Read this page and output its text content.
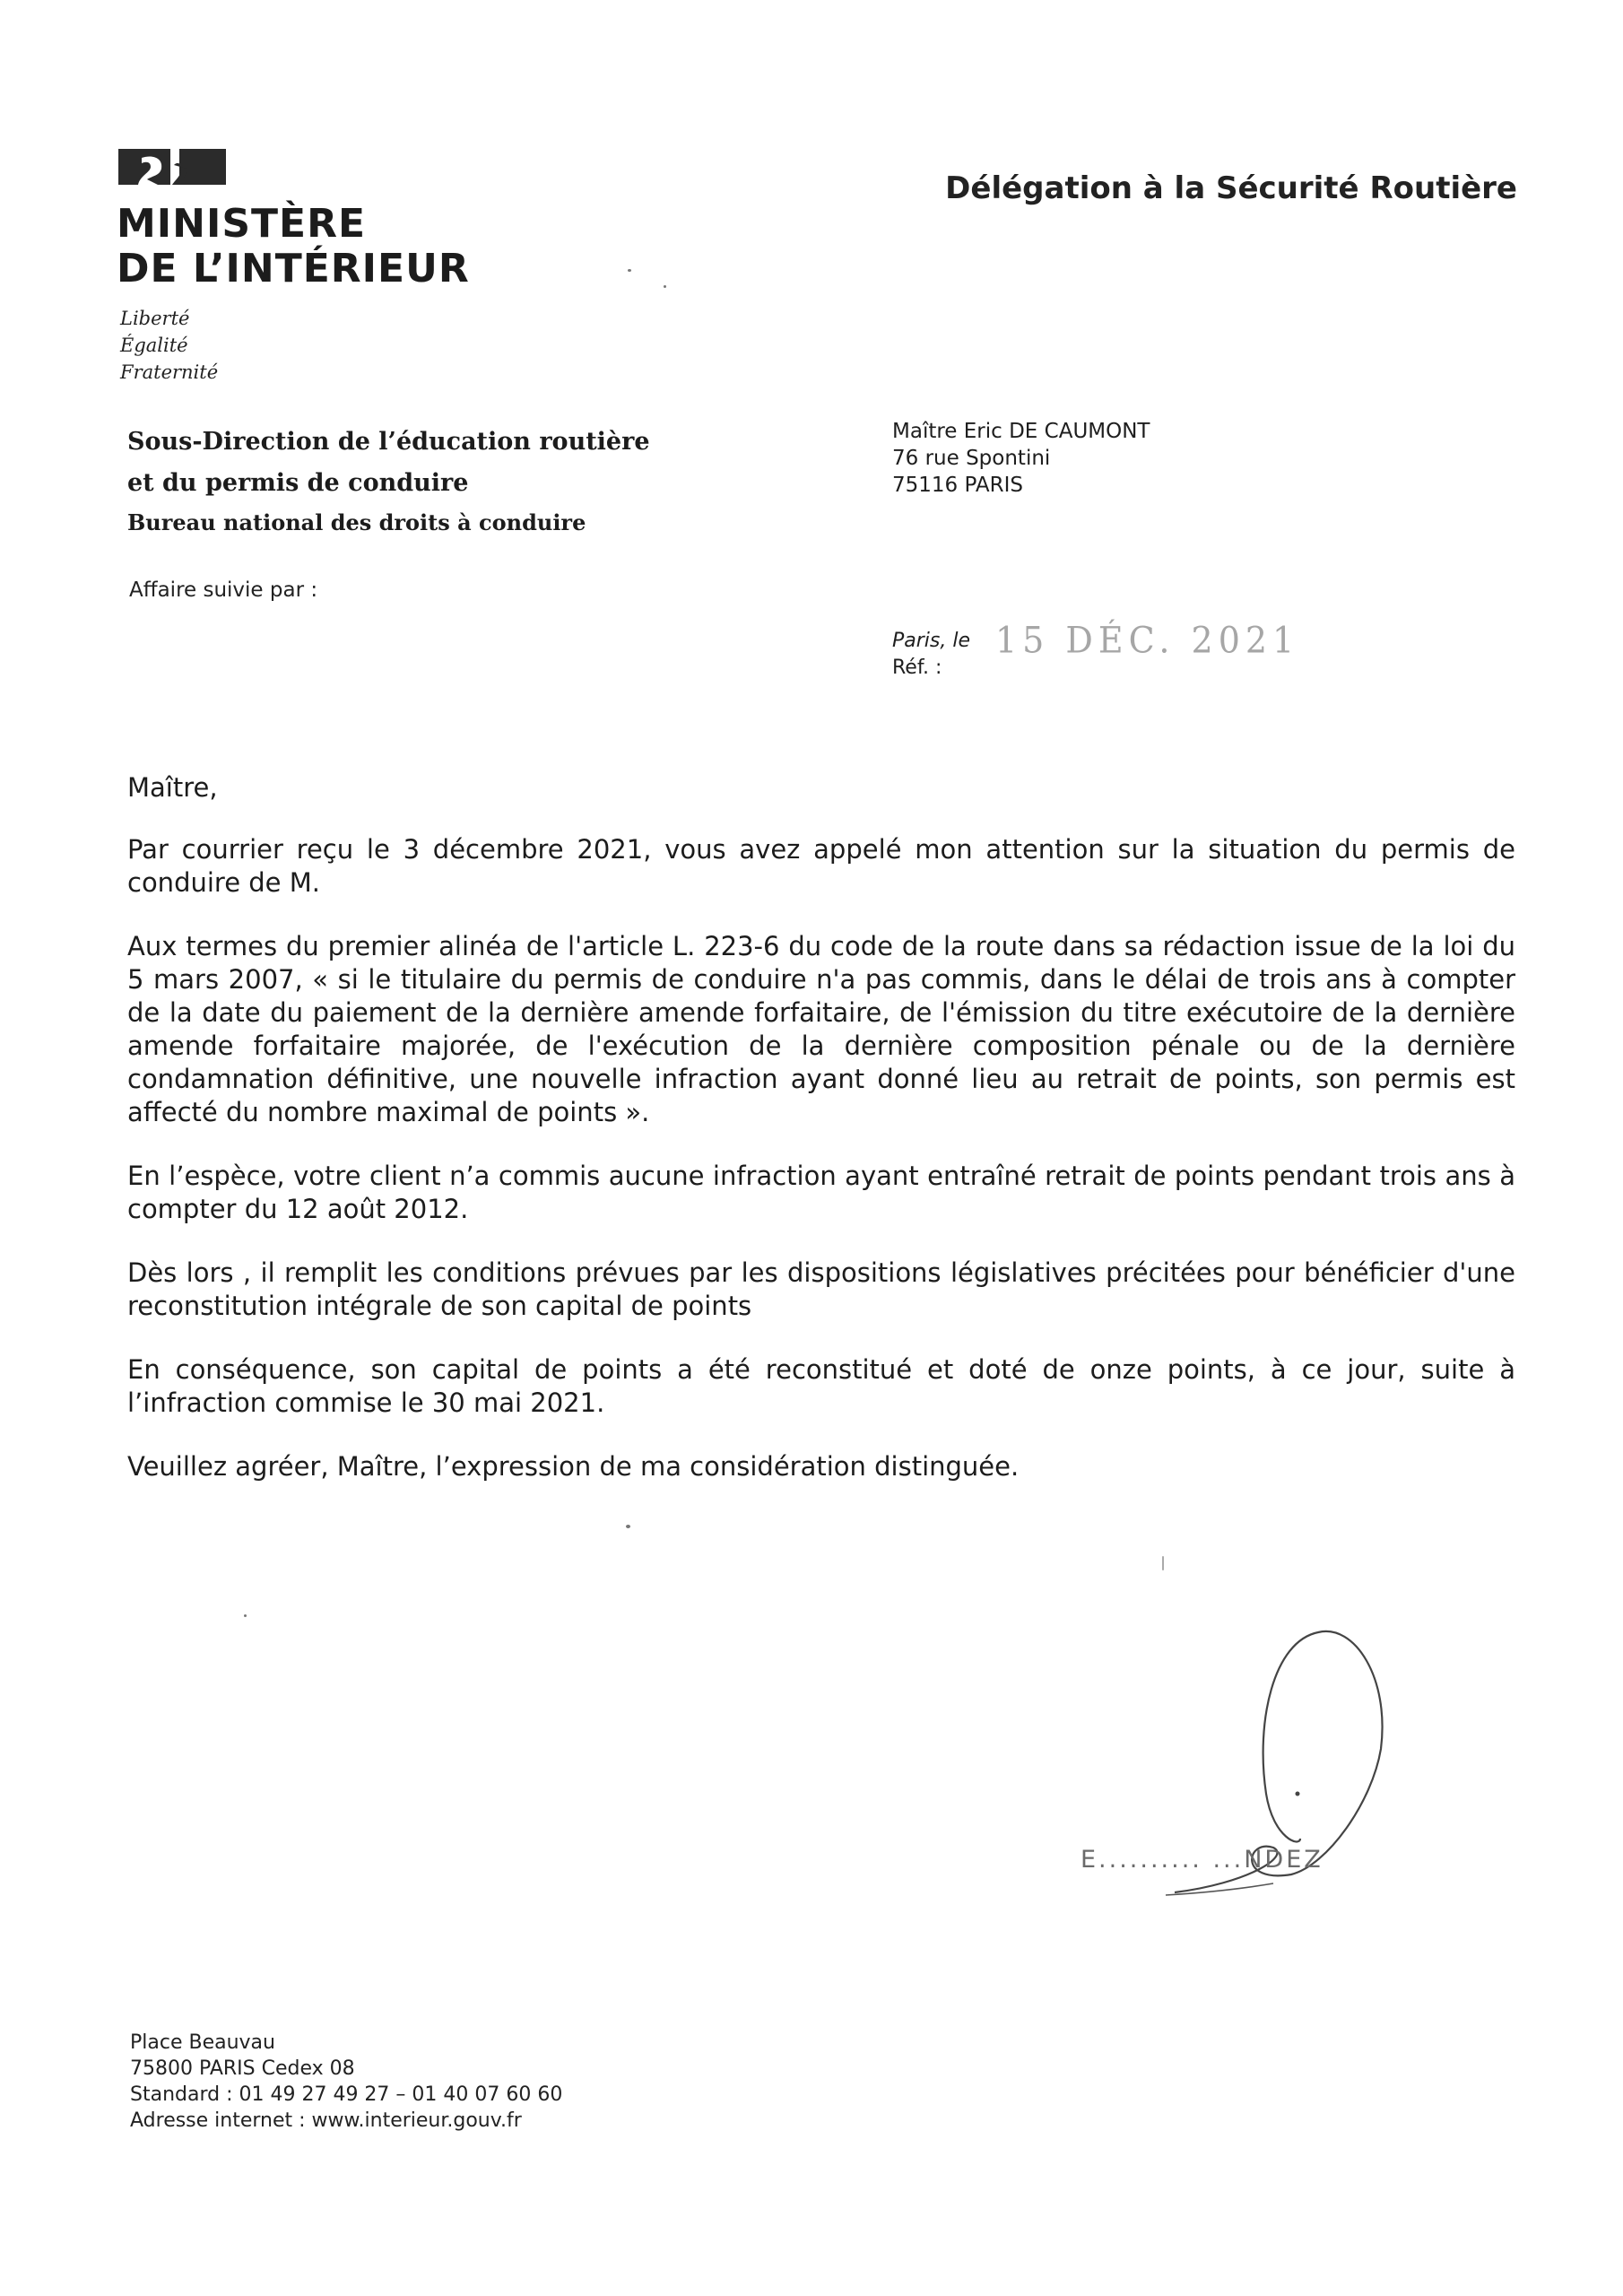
MINISTÈRE
DE L’INTÉRIEUR
Liberté
Égalité
Fraternité
Délégation à la Sécurité Routière
Sous-Direction de l’éducation routière
et du permis de conduire
Bureau national des droits à conduire
Affaire suivie par :
Maître Eric DE CAUMONT
76 rue Spontini
75116 PARIS
Paris, le
Réf. :
15 DÉC. 2021

Maître,

Par courrier reçu le 3 décembre 2021, vous avez appelé mon attention sur la situation du permis de conduire de M.

Aux termes du premier alinéa de l'article L. 223-6 du code de la route dans sa rédaction issue de la loi du 5 mars 2007, « si le titulaire du permis de conduire n'a pas commis, dans le délai de trois ans à compter de la date du paiement de la dernière amende forfaitaire, de l'émission du titre exécutoire de la dernière amende forfaitaire majorée, de l'exécution de la dernière composition pénale ou de la dernière condamnation définitive, une nouvelle infraction ayant donné lieu au retrait de points, son permis est affecté du nombre maximal de points ».

En l’espèce, votre client n’a commis aucune infraction ayant entraîné retrait de points pendant trois ans à compter du 12 août 2012.

Dès lors , il remplit les conditions prévues par les dispositions législatives précitées pour bénéficier d'une reconstitution intégrale de son capital de points

En conséquence, son capital de points a été reconstitué et doté de onze points, à ce jour, suite à l’infraction commise le 30 mai 2021.

Veuillez agréer, Maître, l’expression de ma considération distinguée.

E.......... ...NDEZ
Place Beauvau
75800 PARIS Cedex 08
Standard : 01 49 27 49 27 – 01 40 07 60 60
Adresse internet : www.interieur.gouv.fr
